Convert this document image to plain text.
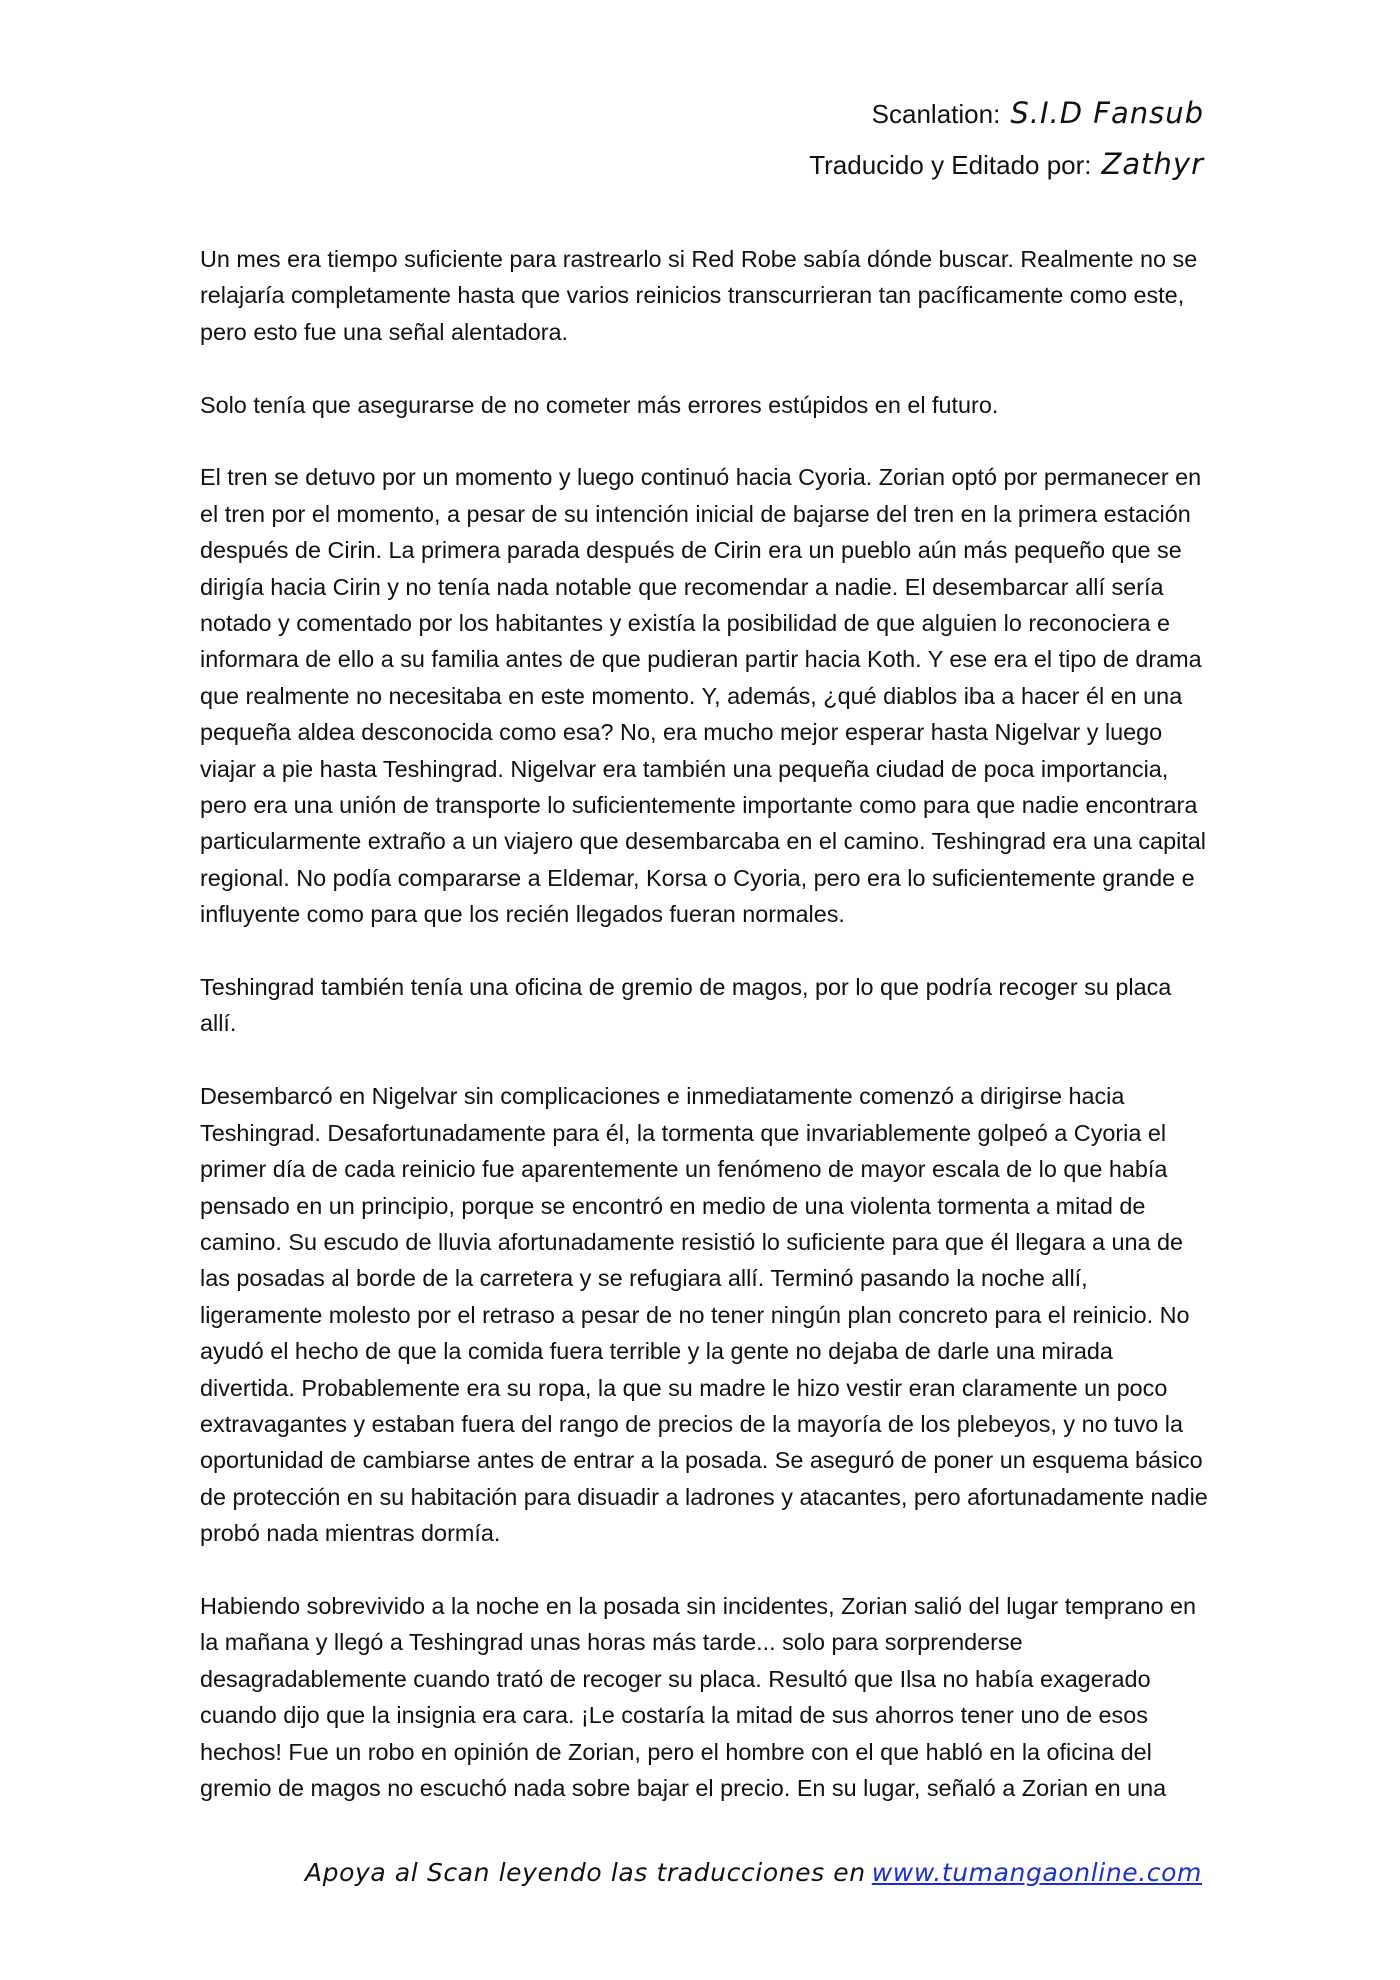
Scanlation: S.I.D Fansub
Traducido y Editado por: Zathyr

Un mes era tiempo suficiente para rastrearlo si Red Robe sabía dónde buscar. Realmente no se relajaría completamente hasta que varios reinicios transcurrieran tan pacíficamente como este, pero esto fue una señal alentadora.

Solo tenía que asegurarse de no cometer más errores estúpidos en el futuro.

El tren se detuvo por un momento y luego continuó hacia Cyoria. Zorian optó por permanecer en el tren por el momento, a pesar de su intención inicial de bajarse del tren en la primera estación después de Cirin. La primera parada después de Cirin era un pueblo aún más pequeño que se dirigía hacia Cirin y no tenía nada notable que recomendar a nadie. El desembarcar allí sería notado y comentado por los habitantes y existía la posibilidad de que alguien lo reconociera e informara de ello a su familia antes de que pudieran partir hacia Koth. Y ese era el tipo de drama que realmente no necesitaba en este momento. Y, además, ¿qué diablos iba a hacer él en una pequeña aldea desconocida como esa? No, era mucho mejor esperar hasta Nigelvar y luego viajar a pie hasta Teshingrad. Nigelvar era también una pequeña ciudad de poca importancia, pero era una unión de transporte lo suficientemente importante como para que nadie encontrara particularmente extraño a un viajero que desembarcaba en el camino. Teshingrad era una capital regional. No podía compararse a Eldemar, Korsa o Cyoria, pero era lo suficientemente grande e influyente como para que los recién llegados fueran normales.

Teshingrad también tenía una oficina de gremio de magos, por lo que podría recoger su placa allí.

Desembarcó en Nigelvar sin complicaciones e inmediatamente comenzó a dirigirse hacia Teshingrad. Desafortunadamente para él, la tormenta que invariablemente golpeó a Cyoria el primer día de cada reinicio fue aparentemente un fenómeno de mayor escala de lo que había pensado en un principio, porque se encontró en medio de una violenta tormenta a mitad de camino. Su escudo de lluvia afortunadamente resistió lo suficiente para que él llegara a una de las posadas al borde de la carretera y se refugiara allí. Terminó pasando la noche allí, ligeramente molesto por el retraso a pesar de no tener ningún plan concreto para el reinicio. No ayudó el hecho de que la comida fuera terrible y la gente no dejaba de darle una mirada divertida. Probablemente era su ropa, la que su madre le hizo vestir eran claramente un poco extravagantes y estaban fuera del rango de precios de la mayoría de los plebeyos, y no tuvo la oportunidad de cambiarse antes de entrar a la posada. Se aseguró de poner un esquema básico de protección en su habitación para disuadir a ladrones y atacantes, pero afortunadamente nadie probó nada mientras dormía.

Habiendo sobrevivido a la noche en la posada sin incidentes, Zorian salió del lugar temprano en la mañana y llegó a Teshingrad unas horas más tarde... solo para sorprenderse desagradablemente cuando trató de recoger su placa. Resultó que Ilsa no había exagerado cuando dijo que la insignia era cara. ¡Le costaría la mitad de sus ahorros tener uno de esos hechos! Fue un robo en opinión de Zorian, pero el hombre con el que habló en la oficina del gremio de magos no escuchó nada sobre bajar el precio. En su lugar, señaló a Zorian en una

Apoya al Scan leyendo las traducciones en www.tumangaonline.com
